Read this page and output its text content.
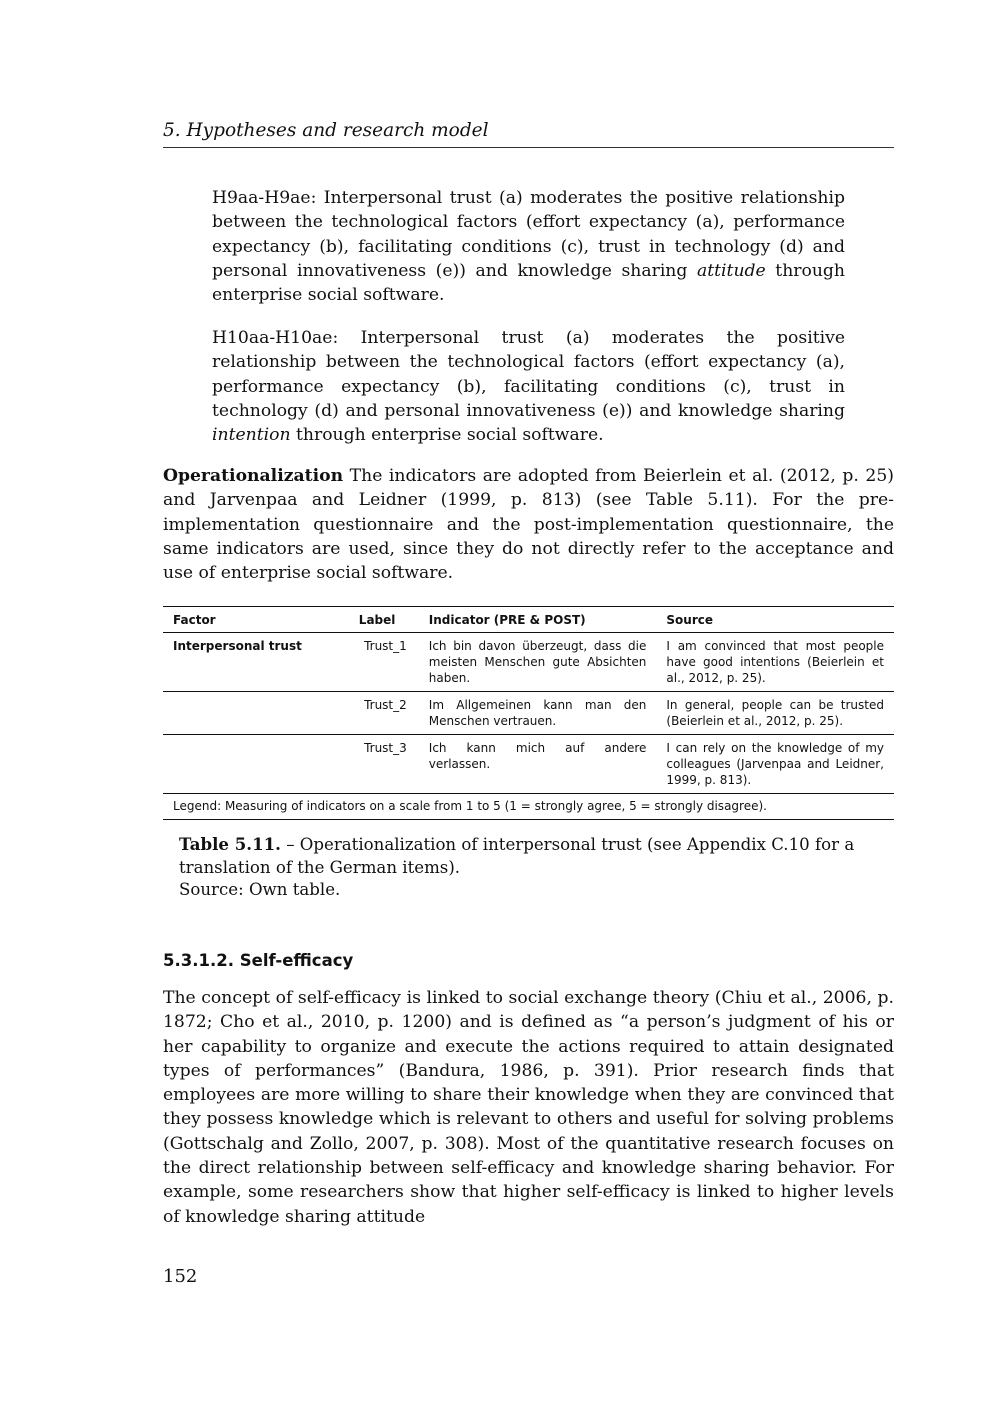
5. Hypotheses and research model

H9aa-H9ae: Interpersonal trust (a) moderates the positive relationship between the technological factors (effort expectancy (a), performance expectancy (b), facilitating conditions (c), trust in technology (d) and personal innovativeness (e)) and knowledge sharing attitude through enterprise social software.

H10aa-H10ae: Interpersonal trust (a) moderates the positive relationship between the technological factors (effort expectancy (a), performance expectancy (b), facilitating conditions (c), trust in technology (d) and personal innovativeness (e)) and knowledge sharing intention through enterprise social software.

Operationalization The indicators are adopted from Beierlein et al. (2012, p. 25) and Jarvenpaa and Leidner (1999, p. 813) (see Table 5.11). For the pre-implementation questionnaire and the post-implementation questionnaire, the same indicators are used, since they do not directly refer to the acceptance and use of enterprise social software.

Factor	Label	Indicator (PRE & POST)	Source
Interpersonal trust	Trust_1	Ich bin davon überzeugt, dass die meisten Menschen gute Absichten haben.	I am convinced that most people have good intentions (Beierlein et al., 2012, p. 25).
	Trust_2	Im Allgemeinen kann man den Menschen vertrauen.	In general, people can be trusted (Beierlein et al., 2012, p. 25).
	Trust_3	Ich kann mich auf andere verlassen.	I can rely on the knowledge of my colleagues (Jarvenpaa and Leidner, 1999, p. 813).
Legend: Measuring of indicators on a scale from 1 to 5 (1 = strongly agree, 5 = strongly disagree).			
Table 5.11. – Operationalization of interpersonal trust (see Appendix C.10 for a translation of the German items).
Source: Own table.
5.3.1.2. Self-efficacy

The concept of self-efficacy is linked to social exchange theory (Chiu et al., 2006, p. 1872; Cho et al., 2010, p. 1200) and is defined as “a person’s judgment of his or her capability to organize and execute the actions required to attain designated types of performances” (Bandura, 1986, p. 391). Prior research finds that employees are more willing to share their knowledge when they are convinced that they possess knowledge which is relevant to others and useful for solving problems (Gottschalg and Zollo, 2007, p. 308). Most of the quantitative research focuses on the direct relationship between self-efficacy and knowledge sharing behavior. For example, some researchers show that higher self-efficacy is linked to higher levels of knowledge sharing attitude

152
